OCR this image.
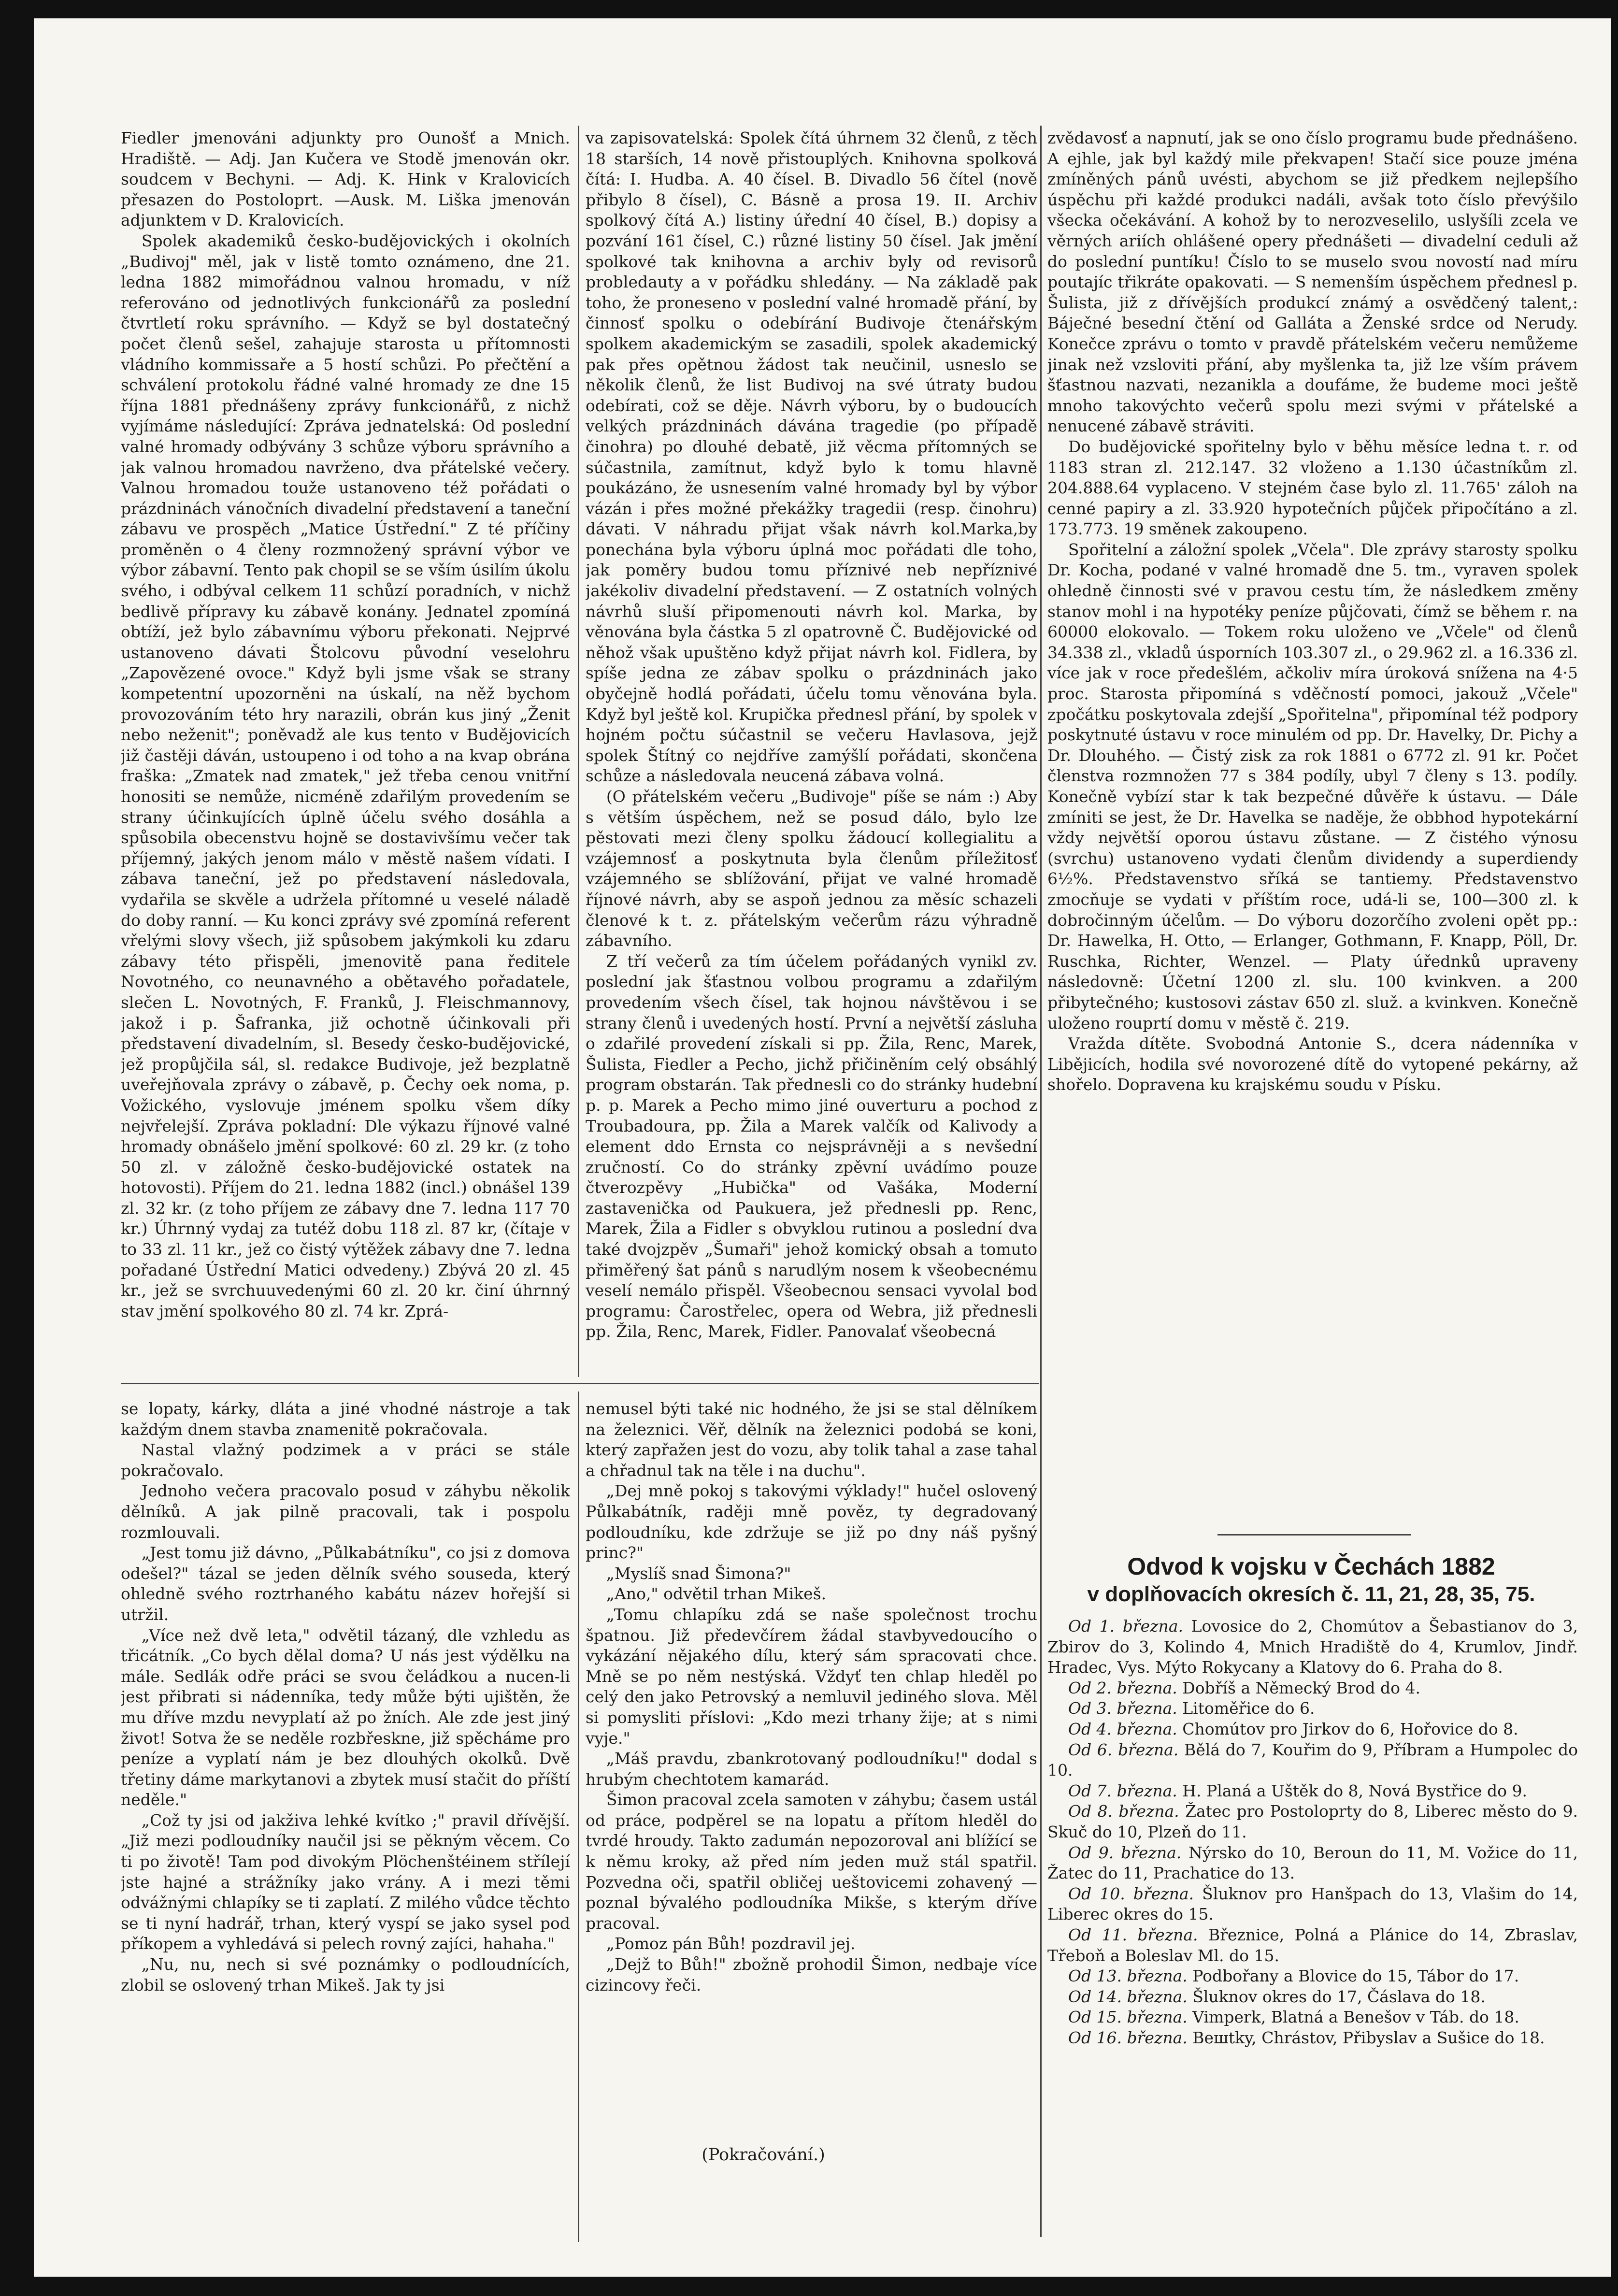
Fiedler jmenováni adjunkty pro Ounošť a Mnich. Hradiště. — Adj. Jan Kučera ve Stodě jmenován okr. soudcem v Bechyni. — Adj. K. Hink v Kralovicích přesazen do Postoloprt. —Ausk. M. Liška jmenován adjunktem v D. Kralovicích.

Spolek akademiků česko-budějovických i okolních „Budivoj" měl, jak v listě tomto oznámeno, dne 21. ledna 1882 mimořádnou valnou hromadu, v níž referováno od jednotlivých funkcionářů za poslední čtvrtletí roku správního. — Když se byl dostatečný počet členů sešel, zahajuje starosta u přítomnosti vládního kommissaře a 5 hostí schůzi. Po přečtění a schválení protokolu řádné valné hromady ze dne 15 října 1881 přednášeny zprávy funkcionářů, z nichž vyjímáme následující: Zpráva jednatelská: Od poslední valné hromady odbývány 3 schůze výboru správního a jak valnou hromadou navrženo, dva přátelské večery. Valnou hromadou touže ustanoveno též pořádati o prázdninách vánočních divadelní představení a taneční zábavu ve prospěch „Matice Ústřední." Z té příčiny proměněn o 4 členy rozmnožený správní výbor ve výbor zábavní. Tento pak chopil se se vším úsilím úkolu svého, i odbýval celkem 11 schůzí poradních, v nichž bedlivě přípravy ku zábavě konány. Jednatel zpomíná obtíží, jež bylo zábavnímu výboru překonati. Nejprvé ustanoveno dávati Štolcovu původní veselohru „Zapovězené ovoce." Když byli jsme však se strany kompetentní upozorněni na úskalí, na něž bychom provozováním této hry narazili, obrán kus jiný „Ženit nebo neženit"; poněvadž ale kus tento v Budějovicích již častěji dáván, ustoupeno i od toho a na kvap obrána fraška: „Zmatek nad zmatek," jež třeba cenou vnitřní honositi se nemůže, nicméně zdařilým provedením se strany účinkujících úplně účelu svého dosáhla a spůsobila obecenstvu hojně se dostavivšímu večer tak příjemný, jakých jenom málo v městě našem vídati. I zábava taneční, jež po představení následovala, vydařila se skvěle a udržela přítomné u veselé náladě do doby ranní. — Ku konci zprávy své zpomíná referent vřelými slovy všech, již spůsobem jakýmkoli ku zdaru zábavy této přispěli, jmenovitě pana ředitele Novotného, co neunavného a obětavého pořadatele, slečen L. Novotných, F. Franků, J. Fleischmannovy, jakož i p. Šafranka, již ochotně účinkovali při představení divadelním, sl. Besedy česko-budějovické, jež propůjčila sál, sl. redakce Budivoje, jež bezplatně uveřejňovala zprávy o zábavě, p. Čechy oek noma, p. Vožického, vyslovuje jménem spolku všem díky nejvřelejší. Zpráva pokladní: Dle výkazu říjnové valné hromady obnášelo jmění spolkové: 60 zl. 29 kr. (z toho 50 zl. v záložně česko-budějovické ostatek na hotovosti). Příjem do 21. ledna 1882 (incl.) obnášel 139 zl. 32 kr. (z toho příjem ze zábavy dne 7. ledna 117 70 kr.) Úhrnný vydaj za tutéž dobu 118 zl. 87 kr, (čítaje v to 33 zl. 11 kr., jež co čistý výtěžek zábavy dne 7. ledna pořadané Ústřední Matici odvedeny.) Zbývá 20 zl. 45 kr., jež se svrchuuvedenými 60 zl. 20 kr. činí úhrnný stav jmění spolkového 80 zl. 74 kr. Zprá-

va zapisovatelská: Spolek čítá úhrnem 32 členů, z těch 18 starších, 14 nově přistouplých. Knihovna spolková čítá: I. Hudba. A. 40 čísel. B. Divadlo 56 čítel (nově přibylo 8 čísel), C. Básně a prosa 19. II. Archiv spolkový čítá A.) listiny úřední 40 čísel, B.) dopisy a pozvání 161 čísel, C.) různé listiny 50 čísel. Jak jmění spolkové tak knihovna a archiv byly od revisorů probledauty a v pořádku shledány. — Na základě pak toho, že proneseno v poslední valné hromadě přání, by činnosť spolku o odebírání Budivoje čtenářským spolkem akademickým se zasadili, spolek akademický pak přes opětnou žádost tak neučinil, usneslo se několik členů, že list Budivoj na své útraty budou odebírati, což se děje. Návrh výboru, by o budoucích velkých prázdninách dávána tragedie (po případě činohra) po dlouhé debatě, již věcma přítomných se súčastnila, zamítnut, když bylo k tomu hlavně poukázáno, že usnesením valné hromady byl by výbor vázán i přes možné překážky tragedii (resp. činohru) dávati. V náhradu přijat však návrh kol.Marka,by ponechána byla výboru úplná moc pořádati dle toho, jak poměry budou tomu příznivé neb nepříznivé jakékoliv divadelní představení. — Z ostatních volných návrhů sluší připomenouti návrh kol. Marka, by věnována byla částka 5 zl opatrovně Č. Budějovické od něhož však upuštěno když přijat návrh kol. Fidlera, by spíše jedna ze zábav spolku o prázdninách jako obyčejně hodlá pořádati, účelu tomu věnována byla. Když byl ještě kol. Krupička přednesl přání, by spolek v hojném počtu súčastnil se večeru Havlasova, jejž spolek Štítný co nejdříve zamýšlí pořádati, skončena schůze a následovala neucená zábava volná.

(O přátelském večeru „Budivoje" píše se nám :) Aby s větším úspěchem, než se posud dálo, bylo lze pěstovati mezi členy spolku žádoucí kollegialitu a vzájemnosť a poskytnuta byla členům příležitosť vzájemného se sblížování, přijat ve valné hromadě říjnové návrh, aby se aspoň jednou za měsíc schazeli členové k t. z. přátelským večerům rázu výhradně zábavního.

Z tří večerů za tím účelem pořádaných vynikl zv. poslední jak šťastnou volbou programu a zdařilým provedením všech čísel, tak hojnou návštěvou i se strany členů i uvedených hostí. První a největší zásluha o zdařilé provedení získali si pp. Žila, Renc, Marek, Šulista, Fiedler a Pecho, jichž přičiněním celý obsáhlý program obstarán. Tak přednesli co do stránky hudební p. p. Marek a Pecho mimo jiné ouverturu a pochod z Troubadoura, pp. Žila a Marek valčík od Kalivody a element ddo Ernsta co nejsprávněji a s nevšední zručností. Co do stránky zpěvní uvádímo pouze čtverozpěvy „Hubička" od Vašáka, Moderní zastavenička od Paukuera, jež přednesli pp. Renc, Marek, Žila a Fidler s obvyklou rutinou a poslední dva také dvojzpěv „Šumaři" jehož komický obsah a tomuto přiměřený šat pánů s narudlým nosem k všeobecnému veselí nemálo přispěl. Všeobecnou sensaci vyvolal bod programu: Čarostřelec, opera od Webra, již přednesli pp. Žila, Renc, Marek, Fidler. Panovalať všeobecná

zvědavosť a napnutí, jak se ono číslo programu bude přednášeno. A ejhle, jak byl každý mile překvapen! Stačí sice pouze jména zmíněných pánů uvésti, abychom se již předkem nejlepšího úspěchu při každé produkci nadáli, avšak toto číslo převýšilo všecka očekávání. A kohož by to nerozveselilo, uslyšíli zcela ve věrných ariích ohlášené opery přednášeti — divadelní ceduli až do poslední puntíku! Číslo to se muselo svou novostí nad míru poutajíc třikráte opakovati. — S nemenším úspěchem přednesl p. Šulista, již z dřívějších produkcí známý a osvědčený talent,: Báječné besední čtění od Galláta a Ženské srdce od Nerudy. Konečce zprávu o tomto v pravdě přátelském večeru nemůžeme jinak než vzsloviti přání, aby myšlenka ta, již lze vším právem šťastnou nazvati, nezanikla a doufáme, že budeme moci ještě mnoho takovýchto večerů spolu mezi svými v přátelské a nenucené zábavě stráviti.

Do budějovické spořitelny bylo v běhu měsíce ledna t. r. od 1183 stran zl. 212.147. 32 vloženo a 1.130 účastníkům zl. 204.888.64 vyplaceno. V stejném čase bylo zl. 11.765' záloh na cenné papiry a zl. 33.920 hypotečních půjček připočítáno a zl. 173.773. 19 směnek zakoupeno.

Spořitelní a záložní spolek „Včela". Dle zprávy starosty spolku Dr. Kocha, podané v valné hromadě dne 5. tm., vyraven spolek ohledně činnosti své v pravou cestu tím, že následkem změny stanov mohl i na hypotéky peníze půjčovati, čímž se během r. na 60000 elokovalo. — Tokem roku uloženo ve „Včele" od členů 34.338 zl., vkladů úsporních 103.307 zl., o 29.962 zl. a 16.336 zl. více jak v roce předešlém, ačkoliv míra úroková snížena na 4·5 proc. Starosta připomíná s vděčností pomoci, jakouž „Včele" zpočátku poskytovala zdejší „Spořitelna", připomínal též podpory poskytnuté ústavu v roce minulém od pp. Dr. Havelky, Dr. Pichy a Dr. Dlouhého. — Čistý zisk za rok 1881 o 6772 zl. 91 kr. Počet členstva rozmnožen 77 s 384 podíly, ubyl 7 členy s 13. podíly. Konečně vybízí star k tak bezpečné důvěře k ústavu. — Dále zmíniti se jest, že Dr. Havelka se naděje, že obbhod hypotekární vždy největší oporou ústavu zůstane. — Z čistého výnosu (svrchu) ustanoveno vydati členům dividendy a superdiendy 6½%. Představenstvo sříká se tantiemy. Představenstvo zmocňuje se vydati v příštím roce, udá-li se, 100—300 zl. k dobročinným účelům. — Do výboru dozorčího zvoleni opět pp.: Dr. Hawelka, H. Otto, — Erlanger, Gothmann, F. Knapp, Pöll, Dr. Ruschka, Richter, Wenzel. — Platy úřednků upraveny následovně: Účetní 1200 zl. slu. 100 kvinkven. a 200 přibytečného; kustosovi zástav 650 zl. služ. a kvinkven. Konečně uloženo rouprtí domu v městě č. 219.

Vražda dítěte. Svobodná Antonie S., dcera nádenníka v Libějicích, hodila své novorozené dítě do vytopené pekárny, až shořelo. Dopravena ku krajskému soudu v Písku.

se lopaty, kárky, dláta a jiné vhodné nástroje a tak každým dnem stavba znamenitě pokračovala.

Nastal vlažný podzimek a v práci se stále pokračovalo.

Jednoho večera pracovalo posud v záhybu několik dělníků. A jak pilně pracovali, tak i pospolu rozmlouvali.

„Jest tomu již dávno, „Půlkabátníku", co jsi z domova odešel?" tázal se jeden dělník svého souseda, který ohledně svého roztrhaného kabátu název hořejší si utržil.

„Více než dvě leta," odvětil tázaný, dle vzhledu as třicátník. „Co bych dělal doma? U nás jest výdělku na mále. Sedlák odře práci se svou čeládkou a nucen-li jest přibrati si nádenníka, tedy může býti ujištěn, že mu dříve mzdu nevyplatí až po žních. Ale zde jest jiný život! Sotva že se neděle rozbřeskne, již spěcháme pro peníze a vyplatí nám je bez dlouhých okolků. Dvě třetiny dáme markytanovi a zbytek musí stačit do příští neděle."

„Což ty jsi od jakživa lehké kvítko ;" pravil dřívější. „Již mezi podloudníky naučil jsi se pěkným věcem. Co ti po životě! Tam pod divokým Plöchenštéinem střílejí jste hajné a strážníky jako vrány. A i mezi těmi odvážnými chlapíky se ti zaplatí. Z milého vůdce těchto se ti nyní hadrář, trhan, který vyspí se jako sysel pod příkopem a vyhledává si pelech rovný zajíci, hahaha."

„Nu, nu, nech si své poznámky o podloudnících, zlobil se oslovený trhan Mikeš. Jak ty jsi

nemusel býti také nic hodného, že jsi se stal dělníkem na železnici. Věř, dělník na železnici podobá se koni, který zapřažen jest do vozu, aby tolik tahal a zase tahal a chřadnul tak na těle i na duchu".

„Dej mně pokoj s takovými výklady!" hučel oslovený Půlkabátník, raději mně pověz, ty degradovaný podloudníku, kde zdržuje se již po dny náš pyšný princ?"

„Myslíš snad Šimona?"

„Ano," odvětil trhan Mikeš.

„Tomu chlapíku zdá se naše společnost trochu špatnou. Již předevčírem žádal stavbyvedoucího o vykázání nějakého dílu, který sám spracovati chce. Mně se po něm nestýská. Vždyť ten chlap hleděl po celý den jako Petrovský a nemluvil jediného slova. Měl si pomysliti příslovi: „Kdo mezi trhany žije; at s nimi vyje."

„Máš pravdu, zbankrotovaný podloudníku!" dodal s hrubým chechtotem kamarád.

Šimon pracoval zcela samoten v záhybu; časem ustál od práce, podpěrel se na lopatu a přítom hleděl do tvrdé hroudy. Takto zadumán nepozoroval ani blížící se k němu kroky, až před ním jeden muž stál spatřil. Pozvedna oči, spatřil obličej ueštovicemi zohavený — poznal bývalého podloudníka Mikše, s kterým dříve pracoval.

„Pomoz pán Bůh! pozdravil jej.

„Dejž to Bůh!" zbožně prohodil Šimon, nedbaje více cizincovy řeči.

(Pokračování.)
Odvod k vojsku v Čechách 1882
v doplňovacích okresích č. 11, 21, 28, 35, 75.

Od 1. března. Lovosice do 2, Chomútov a Šebastianov do 3, Zbirov do 3, Kolindo 4, Mnich Hradiště do 4, Krumlov, Jindř. Hradec, Vys. Mýto Rokycany a Klatovy do 6. Praha do 8.

Od 2. března. Dobříš a Německý Brod do 4.

Od 3. března. Litoměřice do 6.

Od 4. března. Chomútov pro Jirkov do 6, Hořovice do 8.

Od 6. března. Bělá do 7, Kouřim do 9, Příbram a Humpolec do 10.

Od 7. března. H. Planá a Uštěk do 8, Nová Bystřice do 9.

Od 8. března. Žatec pro Postoloprty do 8, Liberec město do 9. Skuč do 10, Plzeň do 11.

Od 9. března. Nýrsko do 10, Beroun do 11, M. Vožice do 11, Žatec do 11, Prachatice do 13.

Od 10. března. Šluknov pro Hanšpach do 13, Vlašim do 14, Liberec okres do 15.

Od 11. března. Březnice, Polná a Plánice do 14, Zbraslav, Třeboň a Boleslav Ml. do 15.

Od 13. března. Podbořany a Blovice do 15, Tábor do 17.

Od 14. března. Šluknov okres do 17, Čáslava do 18.

Od 15. března. Vimperk, Blatná a Benešov v Táb. do 18.

Od 16. března. Bешtky, Chrástov, Přibyslav a Sušice do 18.
